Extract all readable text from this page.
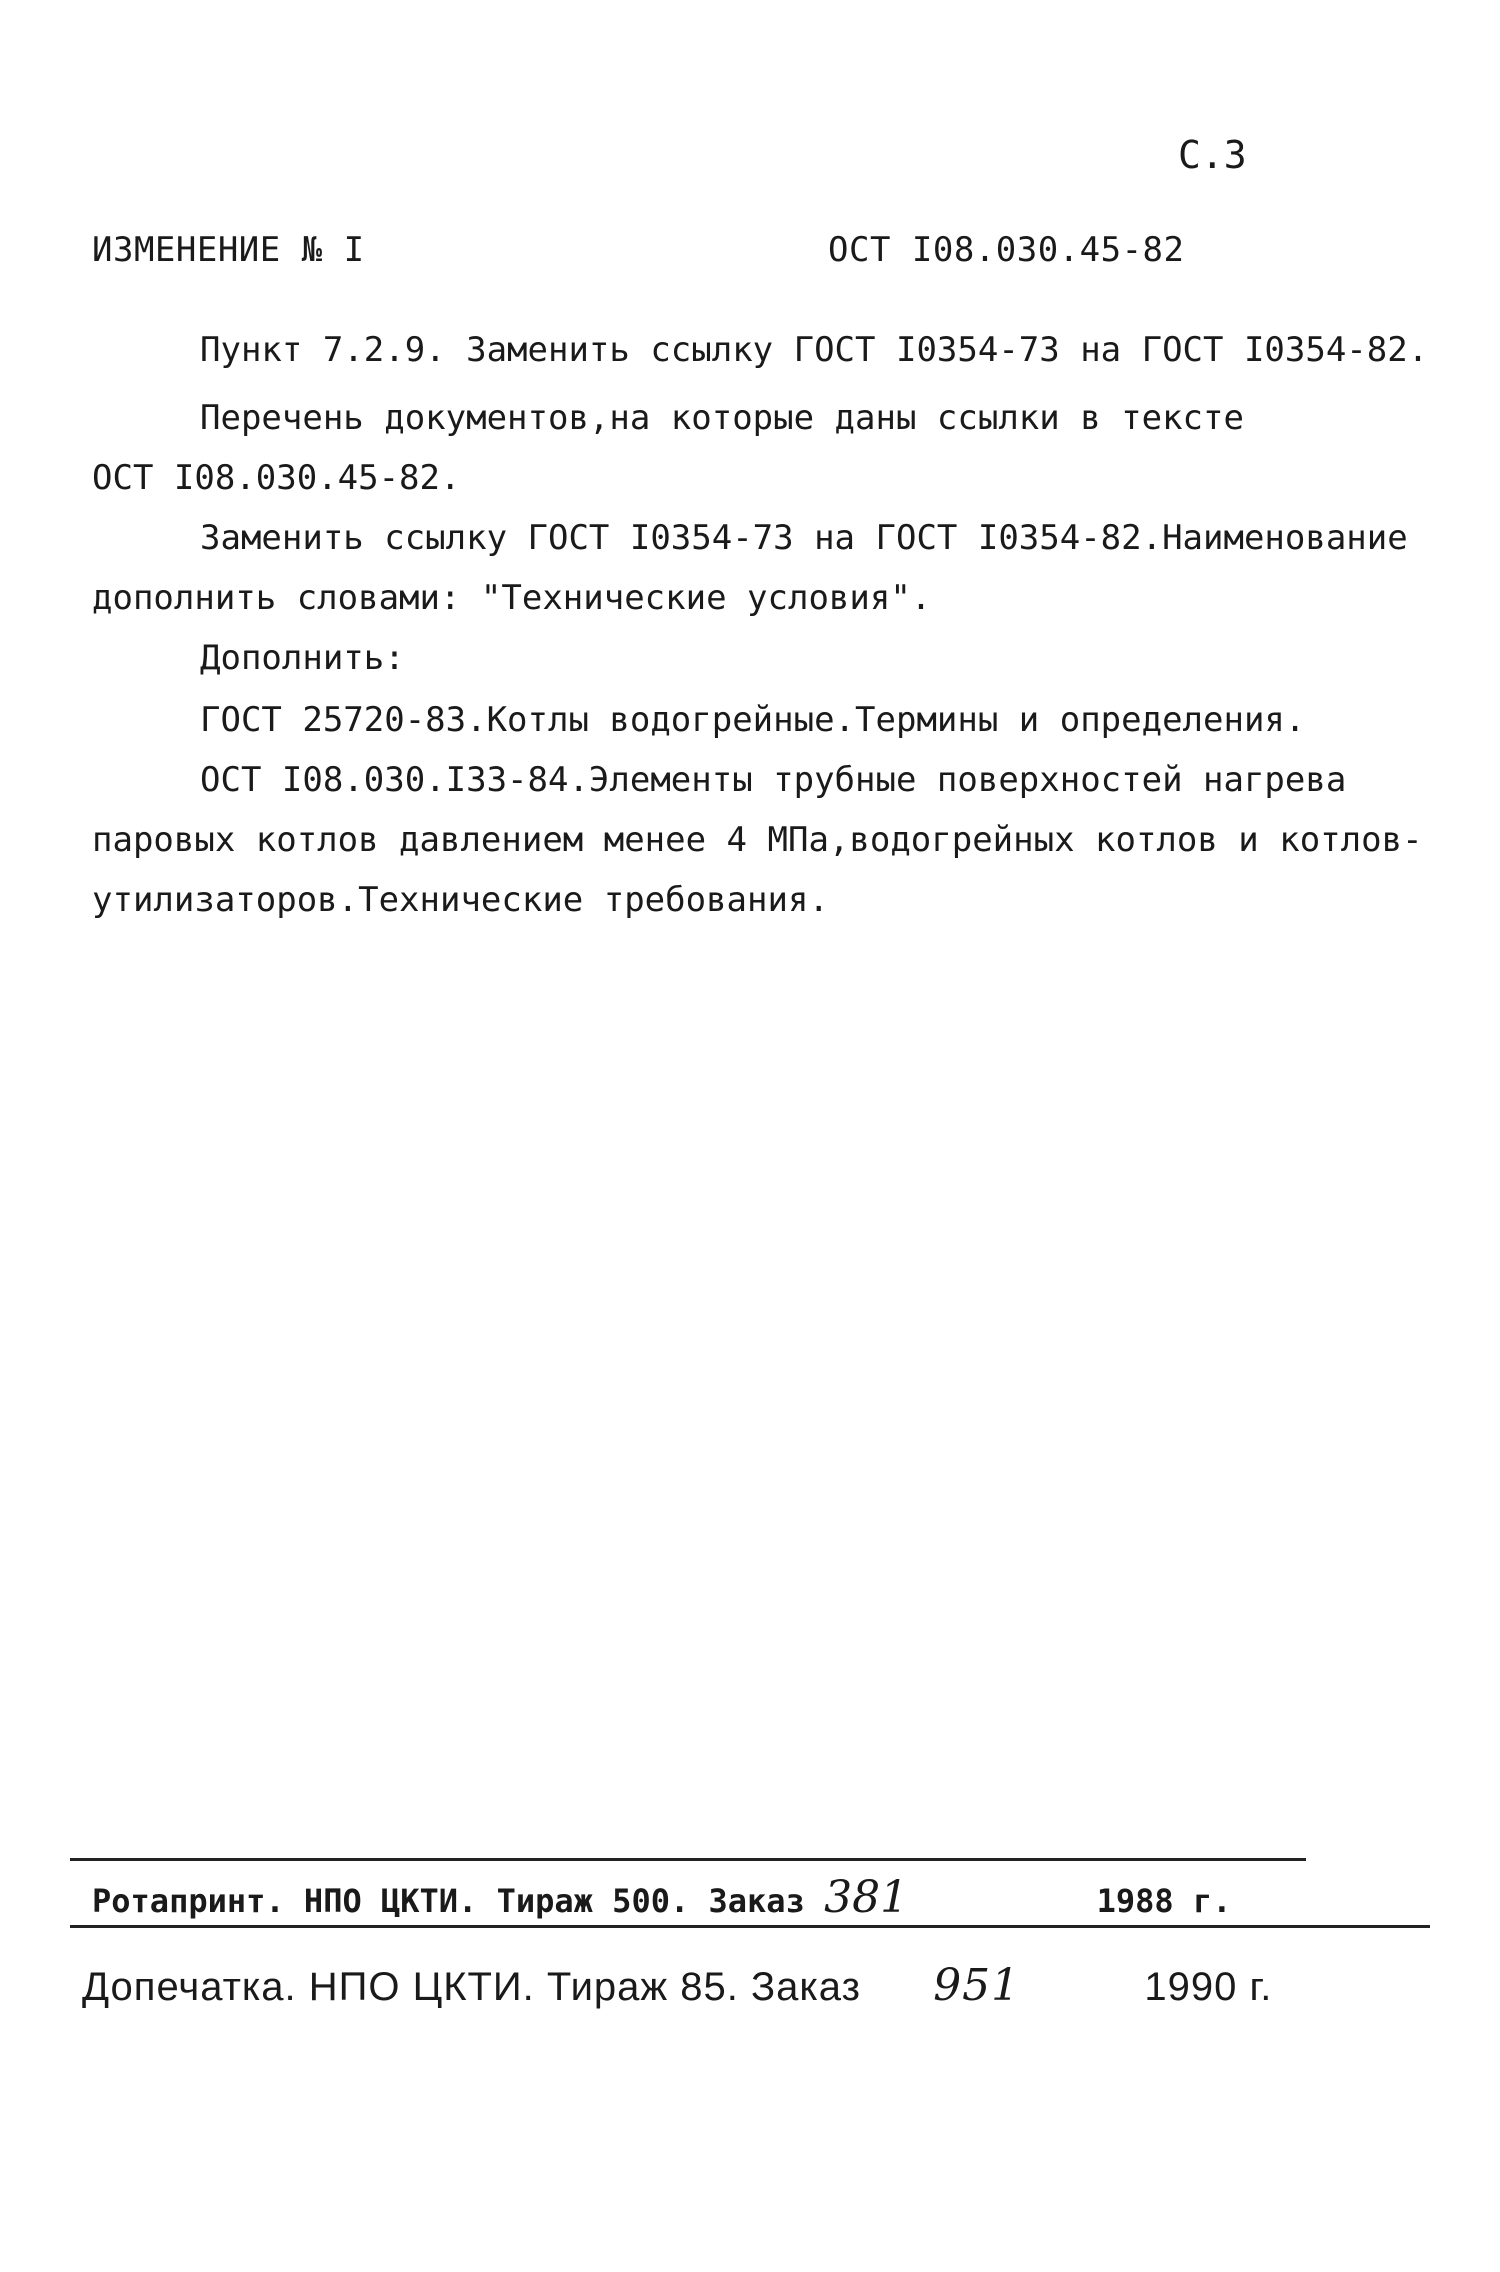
С.3
ИЗМЕНЕНИЕ № I	ОСТ I08.030.45-82
Пункт 7.2.9. Заменить ссылку ГОСТ I0354-73 на ГОСТ I0354-82.
Перечень документов,на которые даны ссылки в тексте
ОСТ I08.030.45-82.
Заменить ссылку ГОСТ I0354-73 на ГОСТ I0354-82.Наименование
дополнить словами: "Технические условия".
Дополнить:
ГОСТ 25720-83.Котлы водогрейные.Термины и определения.
ОСТ I08.030.I33-84.Элементы трубные поверхностей нагрева
паровых котлов давлением менее 4 МПа,водогрейных котлов и котлов-
утилизаторов.Технические требования.
Ротапринт. НПО ЦКТИ. Тираж 500. Заказ 381	1988 г.
Допечатка. НПО ЦКТИ. Тираж 85. Заказ 951	1990 г.
